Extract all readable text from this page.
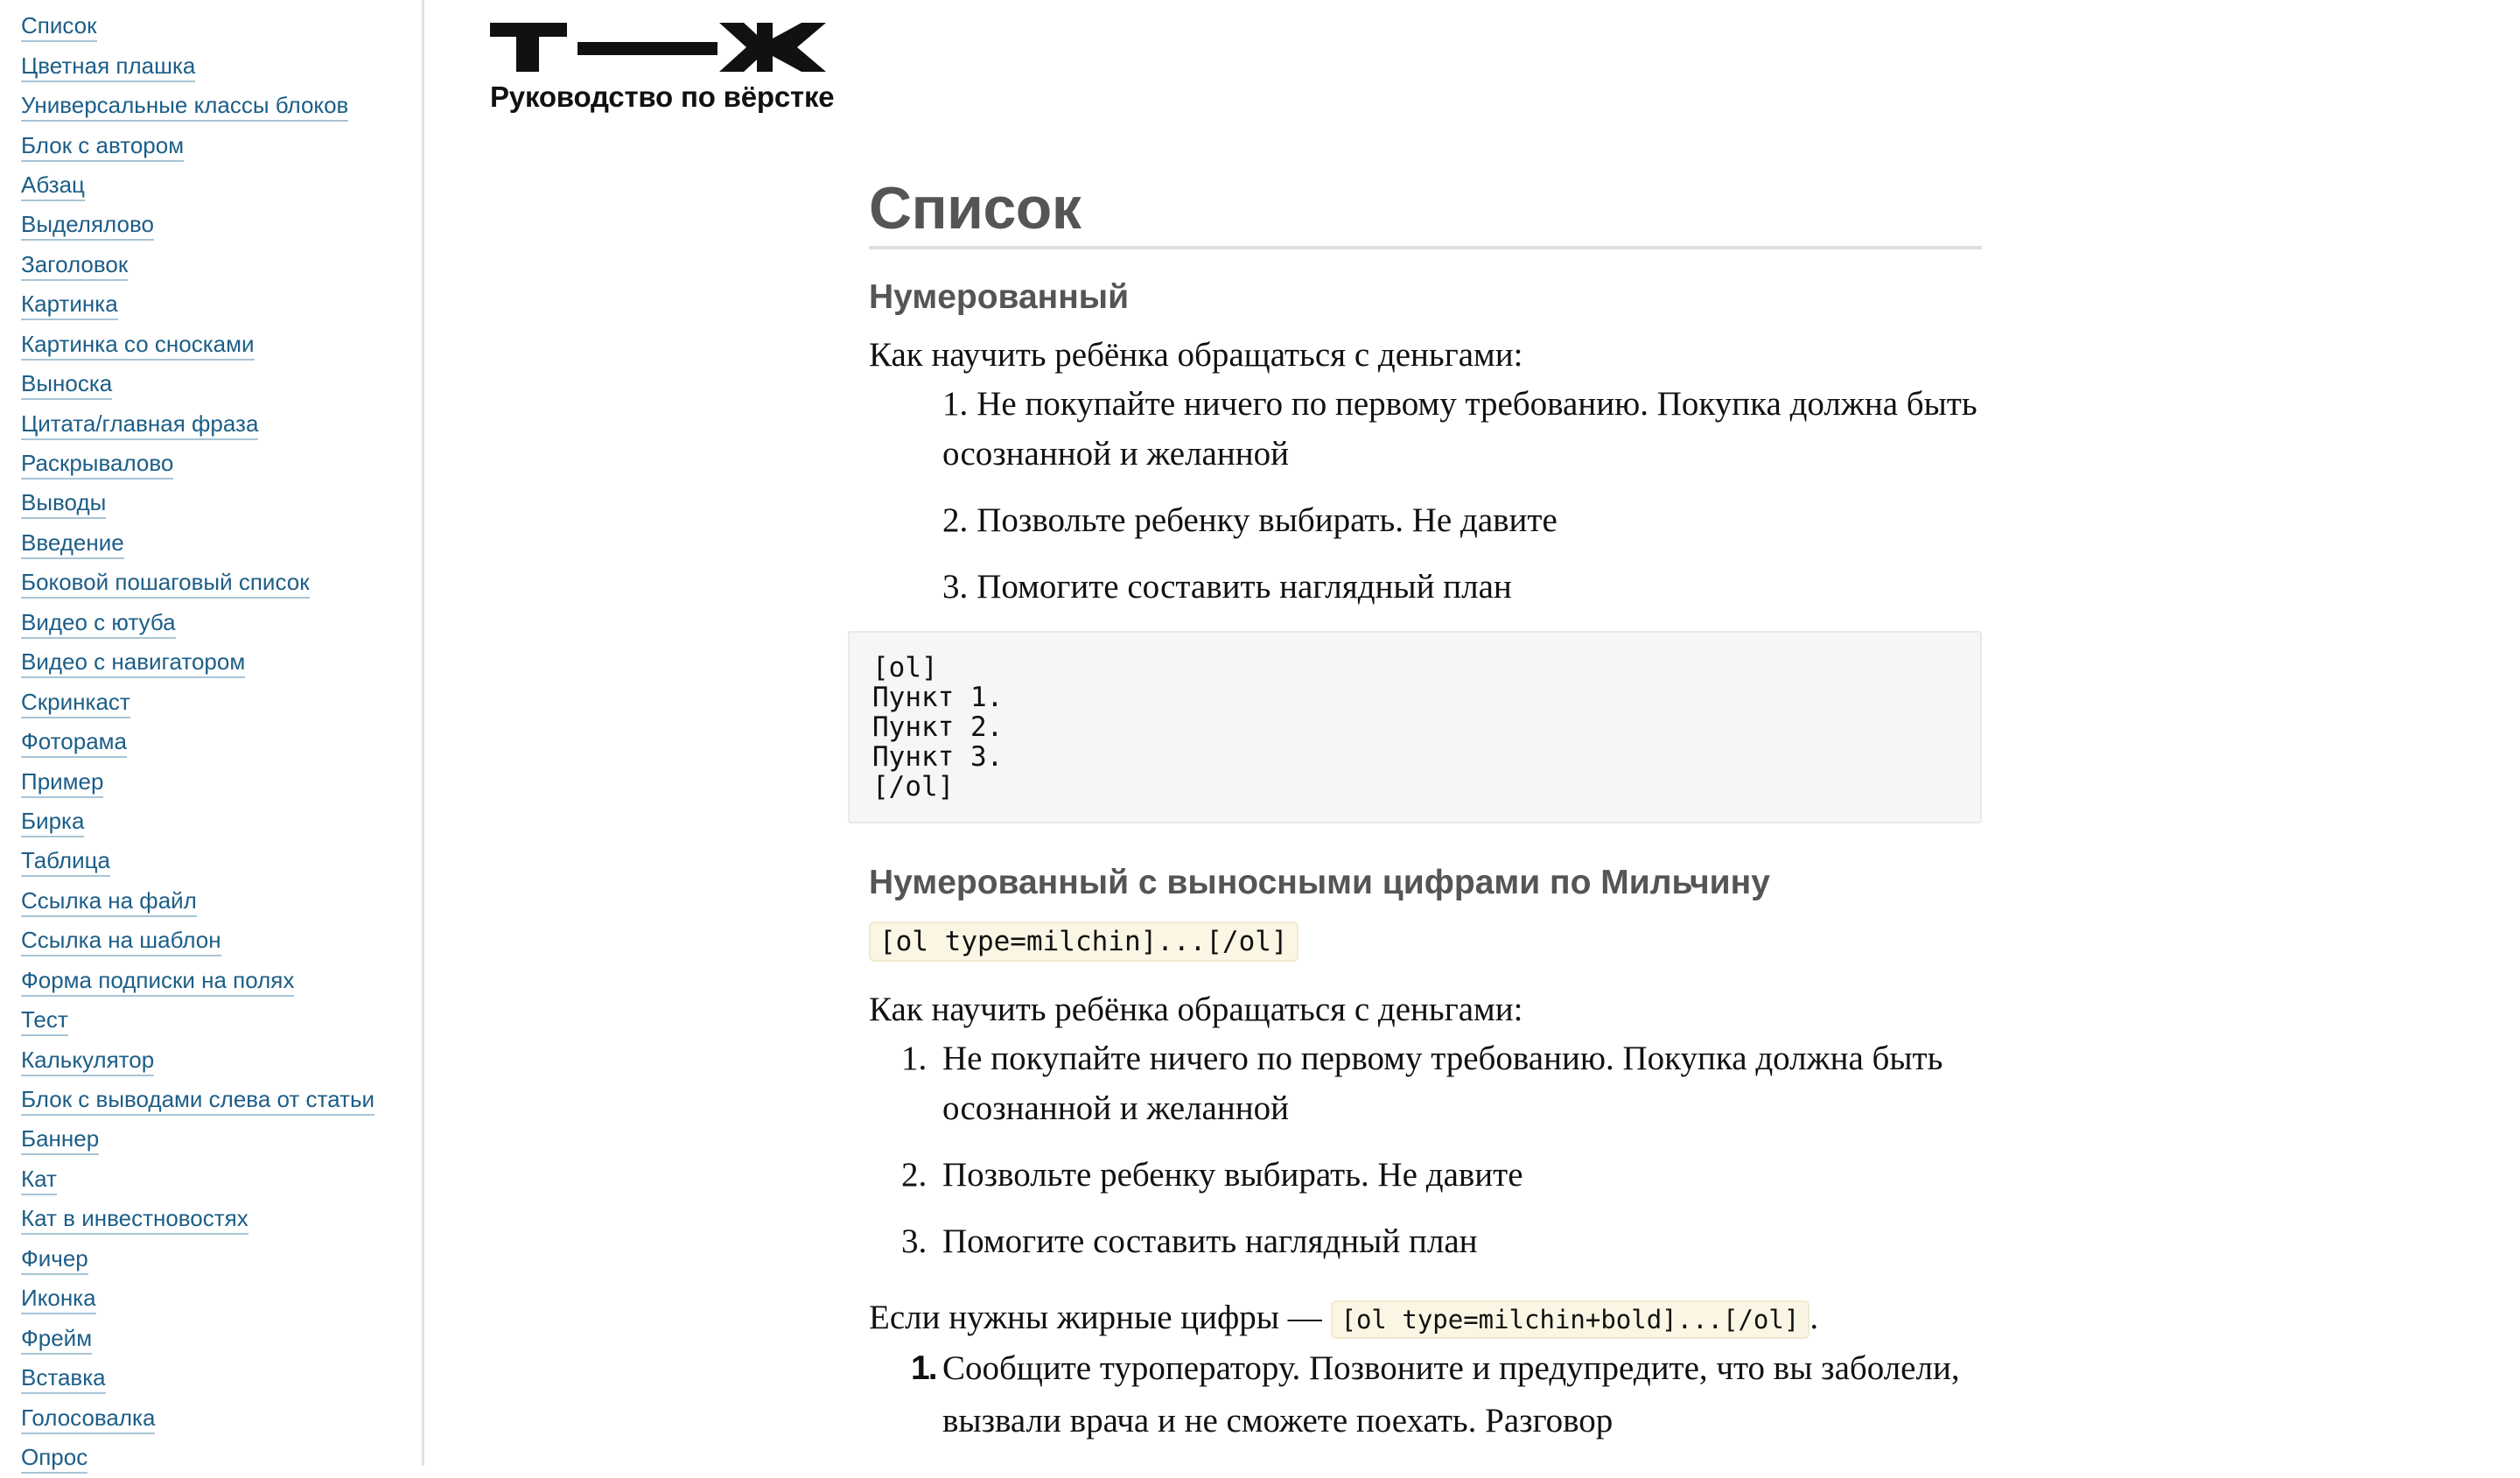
Список
Цветная плашка
Универсальные классы блоков
Блок с автором
Абзац
Выделялово
Заголовок
Картинка
Картинка со сносками
Выноска
Цитата/главная фраза
Раскрывалово
Выводы
Введение
Боковой пошаговый список
Видео с ютуба
Видео с навигатором
Скринкаст
Фоторама
Пример
Бирка
Таблица
Ссылка на файл
Ссылка на шаблон
Форма подписки на полях
Тест
Калькулятор
Блок с выводами слева от статьи
Баннер
Кат
Кат в инвестновостях
Фичер
Иконка
Фрейм
Вставка
Голосовалка
Опрос
Руководство по вёрстке
Список
Нумерованный

Как научить ребёнка обращаться с деньгами:

1. Не покупайте ничего по первому требованию. Покупка должна быть осознанной и желанной
2. Позвольте ребенку выбирать. Не давите
3. Помогите составить наглядный план
[ol]
Пункт 1.
Пункт 2.
Пункт 3.
[/ol]
Нумерованный с выносными цифрами по Мильчину
[ol type=milchin]...[/ol]

Как научить ребёнка обращаться с деньгами:

1. Не покупайте ничего по первому требованию. Покупка должна быть осознанной и желанной
2. Позвольте ребенку выбирать. Не давите
3. Помогите составить наглядный план

Если нужны жирные цифры — [ol type=milchin+bold]...[/ol] .

1. Сообщите туроператору. Позвоните и предупредите, что вы заболели, вызвали врача и не сможете поехать. Разговор
